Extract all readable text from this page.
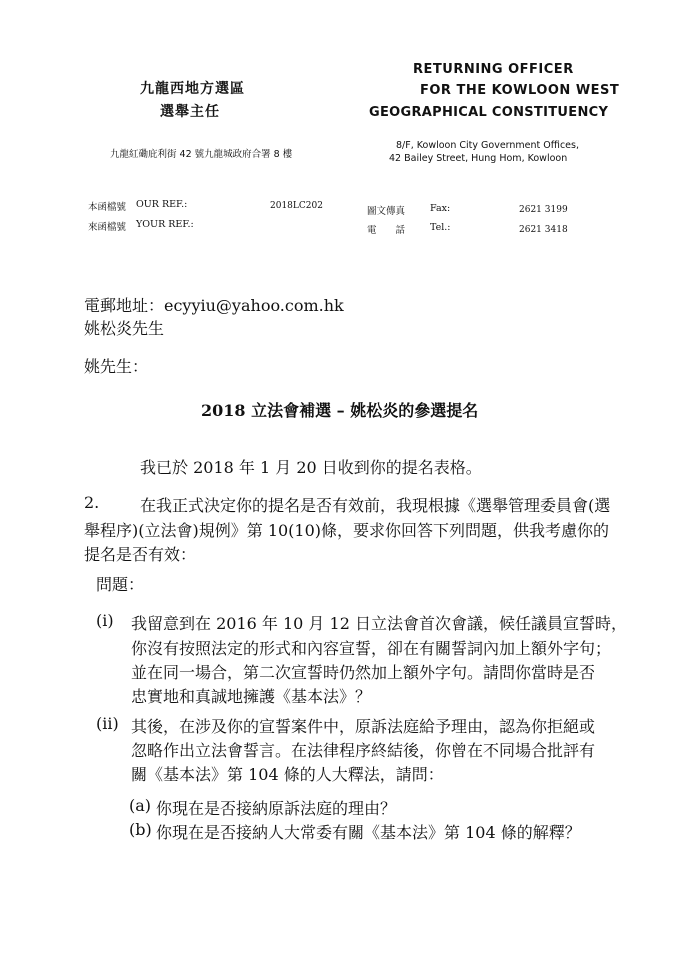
九龍西地方選區
選舉主任
九龍紅磡庇利街 42 號九龍城政府合署 8 樓
RETURNING OFFICER
FOR THE KOWLOON WEST
GEOGRAPHICAL CONSTITUENCY
8/F, Kowloon City Government Offices,
42 Bailey Street, Hung Hom, Kowloon
本函檔號 OUR REF.:	2018LC202
來函檔號 YOUR REF.:
圖文傳真	Fax:	2621 3199
電　　話	Tel.:	2621 3418
電郵地址：ecyyiu@yahoo.com.hk
姚松炎先生
姚先生：
2018 立法會補選 – 姚松炎的參選提名
我已於 2018 年 1 月 20 日收到你的提名表格。
2.	在我正式決定你的提名是否有效前，我現根據《選舉管理委員會(選
舉程序)(立法會)規例》第 10(10)條，要求你回答下列問題，供我考慮你的
提名是否有效：
問題：
(i) 我留意到在 2016 年 10 月 12 日立法會首次會議，候任議員宣誓時，
你沒有按照法定的形式和內容宣誓，卻在有關誓詞內加上額外字句；
並在同一場合，第二次宣誓時仍然加上額外字句。請問你當時是否
忠實地和真誠地擁護《基本法》？
(ii) 其後，在涉及你的宣誓案件中，原訴法庭給予理由，認為你拒絕或
忽略作出立法會誓言。在法律程序終結後，你曾在不同場合批評有
關《基本法》第 104 條的人大釋法，請問：
(a) 你現在是否接納原訴法庭的理由？
(b) 你現在是否接納人大常委有關《基本法》第 104 條的解釋？
